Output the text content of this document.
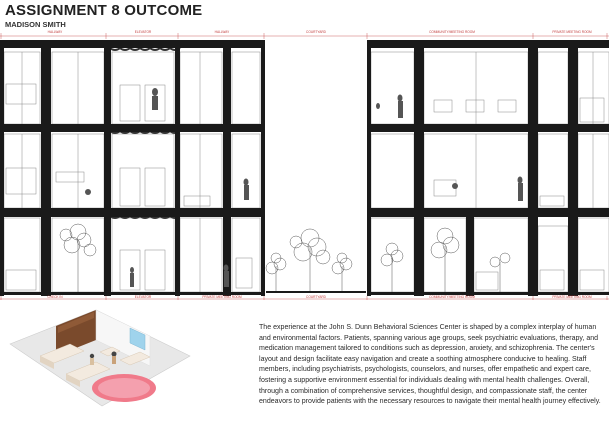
ASSIGNMENT 8 OUTCOME
MADISON SMITH
HALLWAY	ELEVATOR	HALLWAY	COURTYARD	COMMUNITY/MEETING ROOM	PRIVATE MEETING ROOM
CHECK IN	ELEVATOR	PRIVATE MEETING ROOM	COURTYARD	COMMUNITY/MEETING ROOM	PRIVATE MEETING ROOM
The experience at the John S. Dunn Behavioral Sciences Center is shaped by a complex interplay of human and environmental factors. Patients, spanning various age groups, seek psychiatric evaluations, therapy, and medication management tailored to conditions such as depression, anxiety, and schizophrenia. The center's layout and design facilitate easy navigation and create a soothing atmosphere conducive to healing. Staff members, including psychiatrists, psychologists, counselors, and nurses, offer empathetic and expert care, fostering a supportive environment essential for individuals dealing with mental health challenges. Overall, through a combination of comprehensive services, thoughtful design, and compassionate staff, the center endeavors to provide patients with the necessary resources to navigate their mental health journey effectively.
